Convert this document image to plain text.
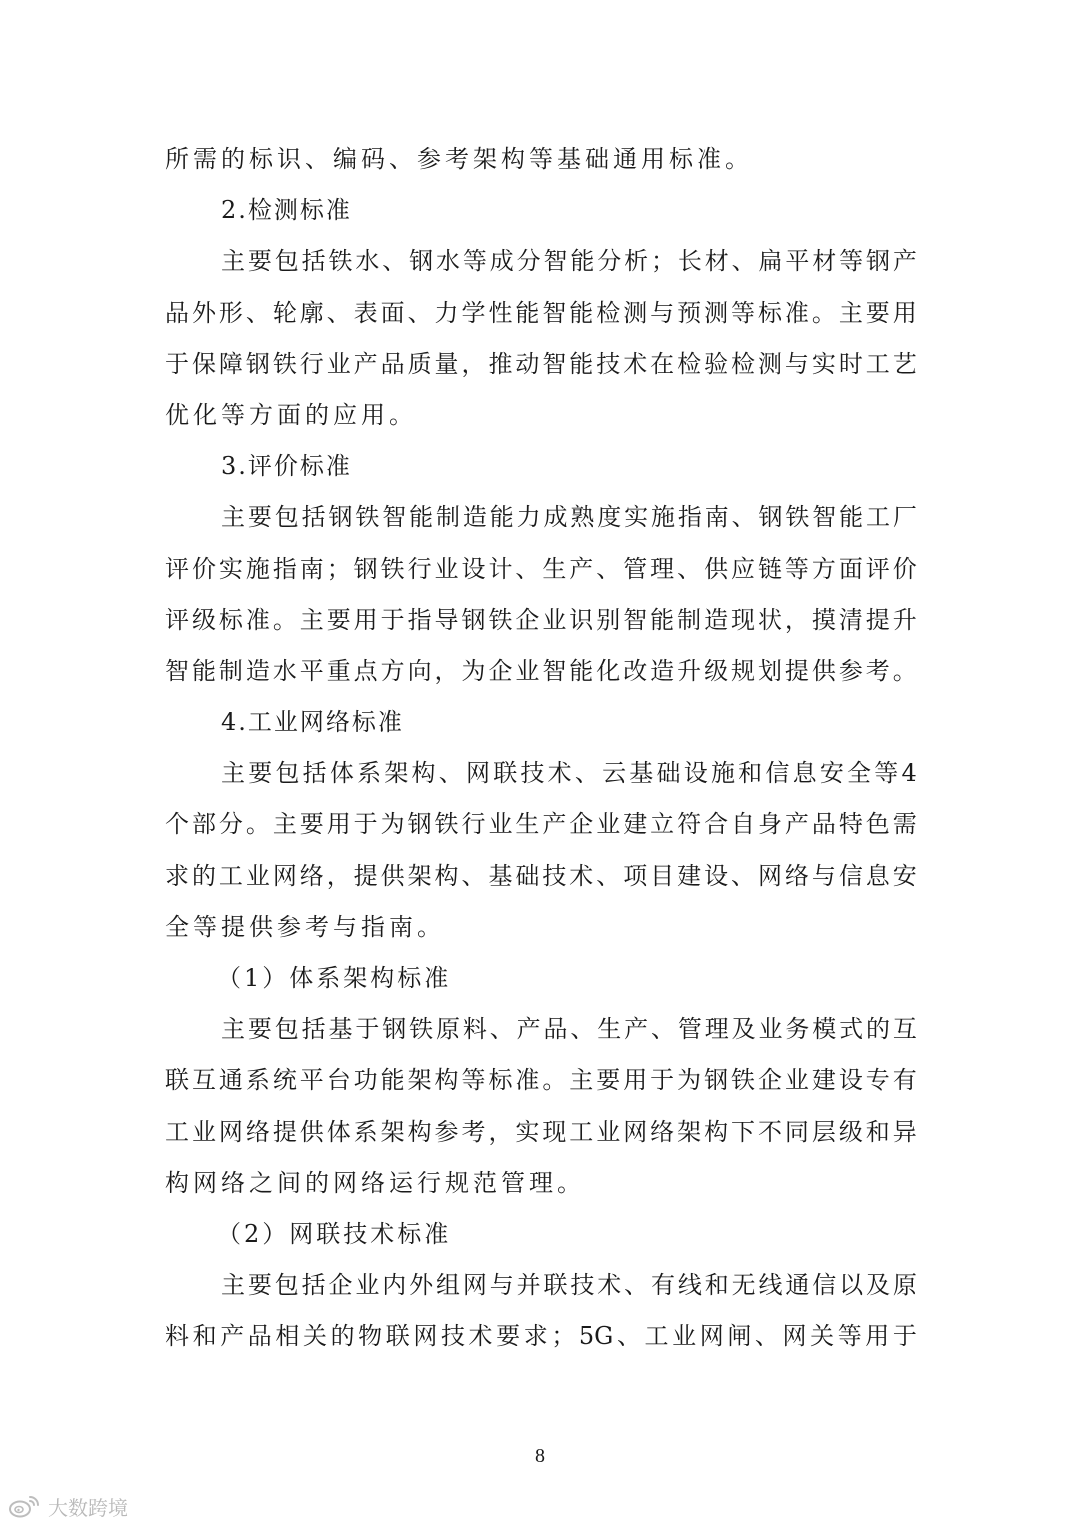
所需的标识、编码、参考架构等基础通用标准。
2.检测标准
主 要 包 括 铁 水 、 钢 水 等 成 分 智 能 分 析 ； 长 材 、 扁 平 材 等 钢 产
品 外 形 、 轮 廓 、 表 面 、 力 学 性 能 智 能 检 测 与 预 测 等 标 准 。 主 要 用
于 保 障 钢 铁 行 业 产 品 质 量 ， 推 动 智 能 技 术 在 检 验 检 测 与 实 时 工 艺
优化等方面的应用。
3.评价标准
主 要 包 括 钢 铁 智 能 制 造 能 力 成 熟 度 实 施 指 南 、 钢 铁 智 能 工 厂
评 价 实 施 指 南 ； 钢 铁 行 业 设 计 、 生 产 、 管 理 、 供 应 链 等 方 面 评 价
评 级 标 准 。 主 要 用 于 指 导 钢 铁 企 业 识 别 智 能 制 造 现 状 ， 摸 清 提 升
智 能 制 造 水 平 重 点 方 向 ， 为 企 业 智 能 化 改 造 升 级 规 划 提 供 参 考 。
4.工业网络标准
主 要 包 括 体 系 架 构 、 网 联 技 术 、 云 基 础 设 施 和 信 息 安 全 等 4
个 部 分 。 主 要 用 于 为 钢 铁 行 业 生 产 企 业 建 立 符 合 自 身 产 品 特 色 需
求 的 工 业 网 络 ， 提 供 架 构 、 基 础 技 术 、 项 目 建 设 、 网 络 与 信 息 安
全等提供参考与指南。
（1）体系架构标准
主 要 包 括 基 于 钢 铁 原 料 、 产 品 、 生 产 、 管 理 及 业 务 模 式 的 互
联 互 通 系 统 平 台 功 能 架 构 等 标 准 。 主 要 用 于 为 钢 铁 企 业 建 设 专 有
工 业 网 络 提 供 体 系 架 构 参 考 ， 实 现 工 业 网 络 架 构 下 不 同 层 级 和 异
构网络之间的网络运行规范管理。
（2）网联技术标准
主 要 包 括 企 业 内 外 组 网 与 并 联 技 术 、 有 线 和 无 线 通 信 以 及 原
料 和 产 品 相 关 的 物 联 网 技 术 要 求 ； 5G 、 工 业 网 闸 、 网 关 等 用 于
8
大数跨境
